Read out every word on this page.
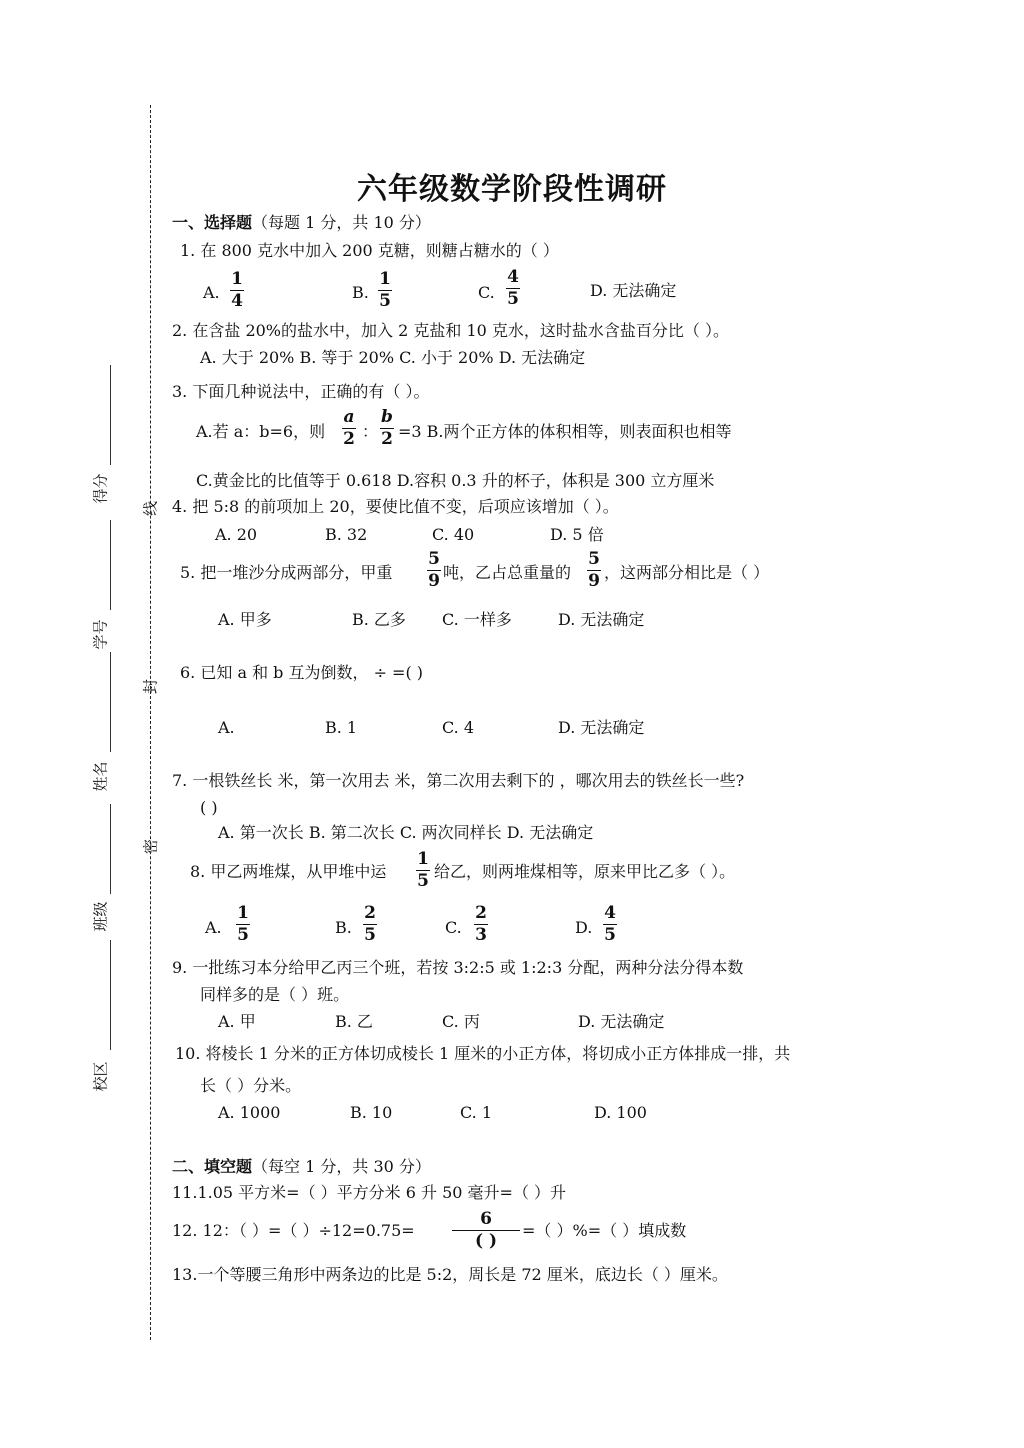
线
封
密
得分
学号
姓名
班级
校区
六年级数学阶段性调研
一、选择题（每题 1 分，共 10 分）
1. 在 800 克水中加入 200 克糖，则糖占糖水的（ ）
A.
1
4	B.
1
5	C.
4
5	D. 无法确定
2. 在含盐 20%的盐水中，加入 2 克盐和 10 克水，这时盐水含盐百分比（ ）。
A. 大于 20% B. 等于 20% C. 小于 20% D. 无法确定
3. 下面几种说法中，正确的有（ ）。
A.若 a：b=6，则
a
2 ：
b
2 =3 B.两个正方体的体积相等，则表面积也相等
C.黄金比的比值等于 0.618 D.容积 0.3 升的杯子，体积是 300 立方厘米
4. 把 5:8 的前项加上 20，要使比值不变，后项应该增加（ ）。
A. 20	B. 32	C. 40	D. 5 倍
5. 把一堆沙分成两部分，甲重
5
9 吨，乙占总重量的
5
9 ，这两部分相比是（ ）
A. 甲多	B. 乙多 C. 一样多	D. 无法确定
6. 已知 a 和 b 互为倒数， ÷ =( )
A.	B. 1	C. 4	D. 无法确定
7. 一根铁丝长 米，第一次用去 米，第二次用去剩下的 ，哪次用去的铁丝长一些?
( )
A. 第一次长 B. 第二次长 C. 两次同样长 D. 无法确定
8. 甲乙两堆煤，从甲堆中运
1
5 给乙，则两堆煤相等，原来甲比乙多（ ）。
A.
1
5	B.
2
5	C.
2
3	D.
4
5
9. 一批练习本分给甲乙丙三个班，若按 3:2:5 或 1:2:3 分配，两种分法分得本数
同样多的是（ ）班。
A. 甲	B. 乙	C. 丙	D. 无法确定
10. 将棱长 1 分米的正方体切成棱长 1 厘米的小正方体，将切成小正方体排成一排，共
长（ ）分米。
A. 1000	B. 10	C. 1	D. 100
二、填空题（每空 1 分，共 30 分）
11.1.05 平方米=（ ）平方分米 6 升 50 毫升=（ ）升
12. 12：（ ）=（ ）÷12=0.75=
6
( )
=（ ）%=（ ）填成数
13.一个等腰三角形中两条边的比是 5:2，周长是 72 厘米，底边长（ ）厘米。
